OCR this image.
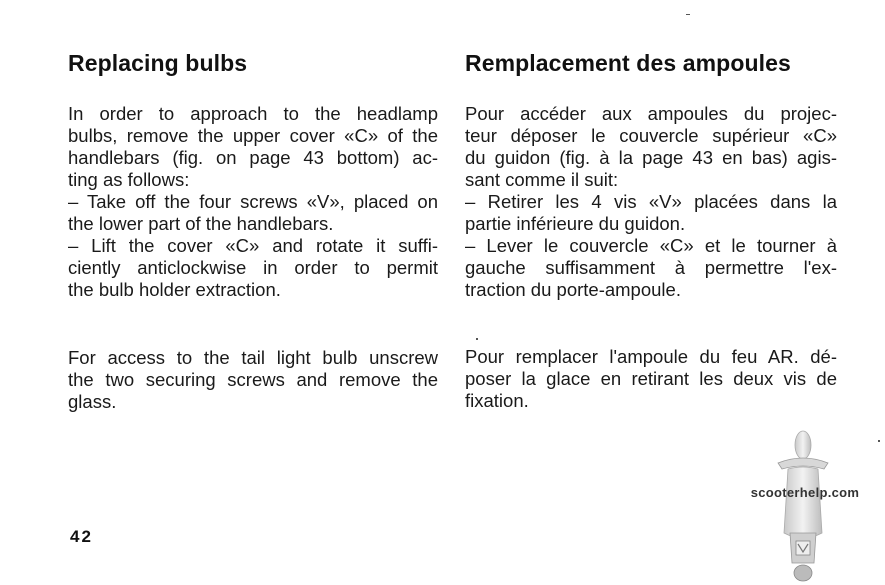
Replacing bulbs
In order to approach to the headlamp
bulbs, remove the upper cover «C» of the
handlebars (fig. on page 43 bottom) ac-
ting as follows:
– Take off the four screws «V», placed on
the lower part of the handlebars.
– Lift the cover «C» and rotate it suffi-
ciently anticlockwise in order to permit
the bulb holder extraction.
For access to the tail light bulb unscrew
the two securing screws and remove the
glass.
Remplacement des ampoules
Pour accéder aux ampoules du projec-
teur déposer le couvercle supérieur «C»
du guidon (fig. à la page 43 en bas) agis-
sant comme il suit:
– Retirer les 4 vis «V» placées dans la
partie inférieure du guidon.
– Lever le couvercle «C» et le tourner à
gauche suffisamment à permettre l'ex-
traction du porte-ampoule.
Pour remplacer l'ampoule du feu AR. dé-
poser la glace en retirant les deux vis de
fixation.
42
scooterhelp.com
